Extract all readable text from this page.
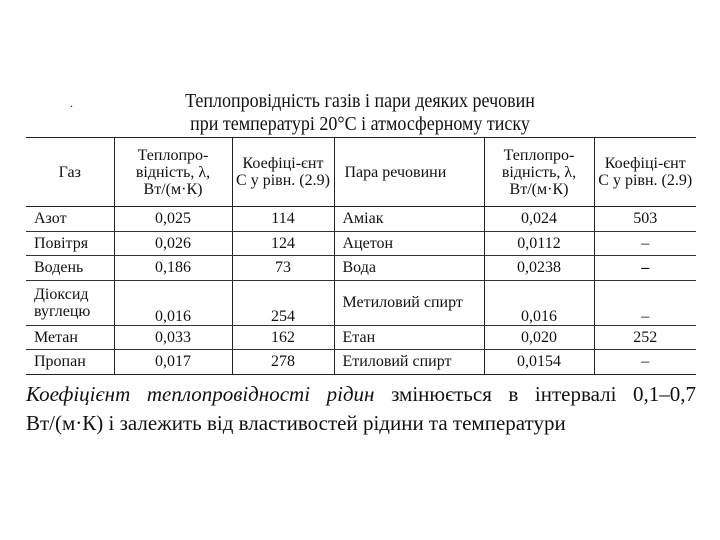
.	Теплопровідність газів і пари деяких речовин
при температурі 20°С і атмосферному тиску
Газ	Теплопро-відність, λ, Вт/(м·К)	Коефіці-єнт С у рівн. (2.9)	Пара речовини	Теплопро-відність, λ, Вт/(м·К)	Коефіці-єнт С у рівн. (2.9)
Азот	0,025	114	Аміак	0,024	503
Повітря	0,026	124	Ацетон	0,0112	–
Водень	0,186	73	Вода	0,0238	–
Діоксид вуглецю	0,016	254	Метиловий спирт	0,016	–
Метан	0,033	162	Етан	0,020	252
Пропан	0,017	278	Етиловий спирт	0,0154	–
Коефіцієнт теплопровідності рідин змінюється в інтервалі 0,1–0,7 Вт/(м·К) і залежить від властивостей рідини та температури
